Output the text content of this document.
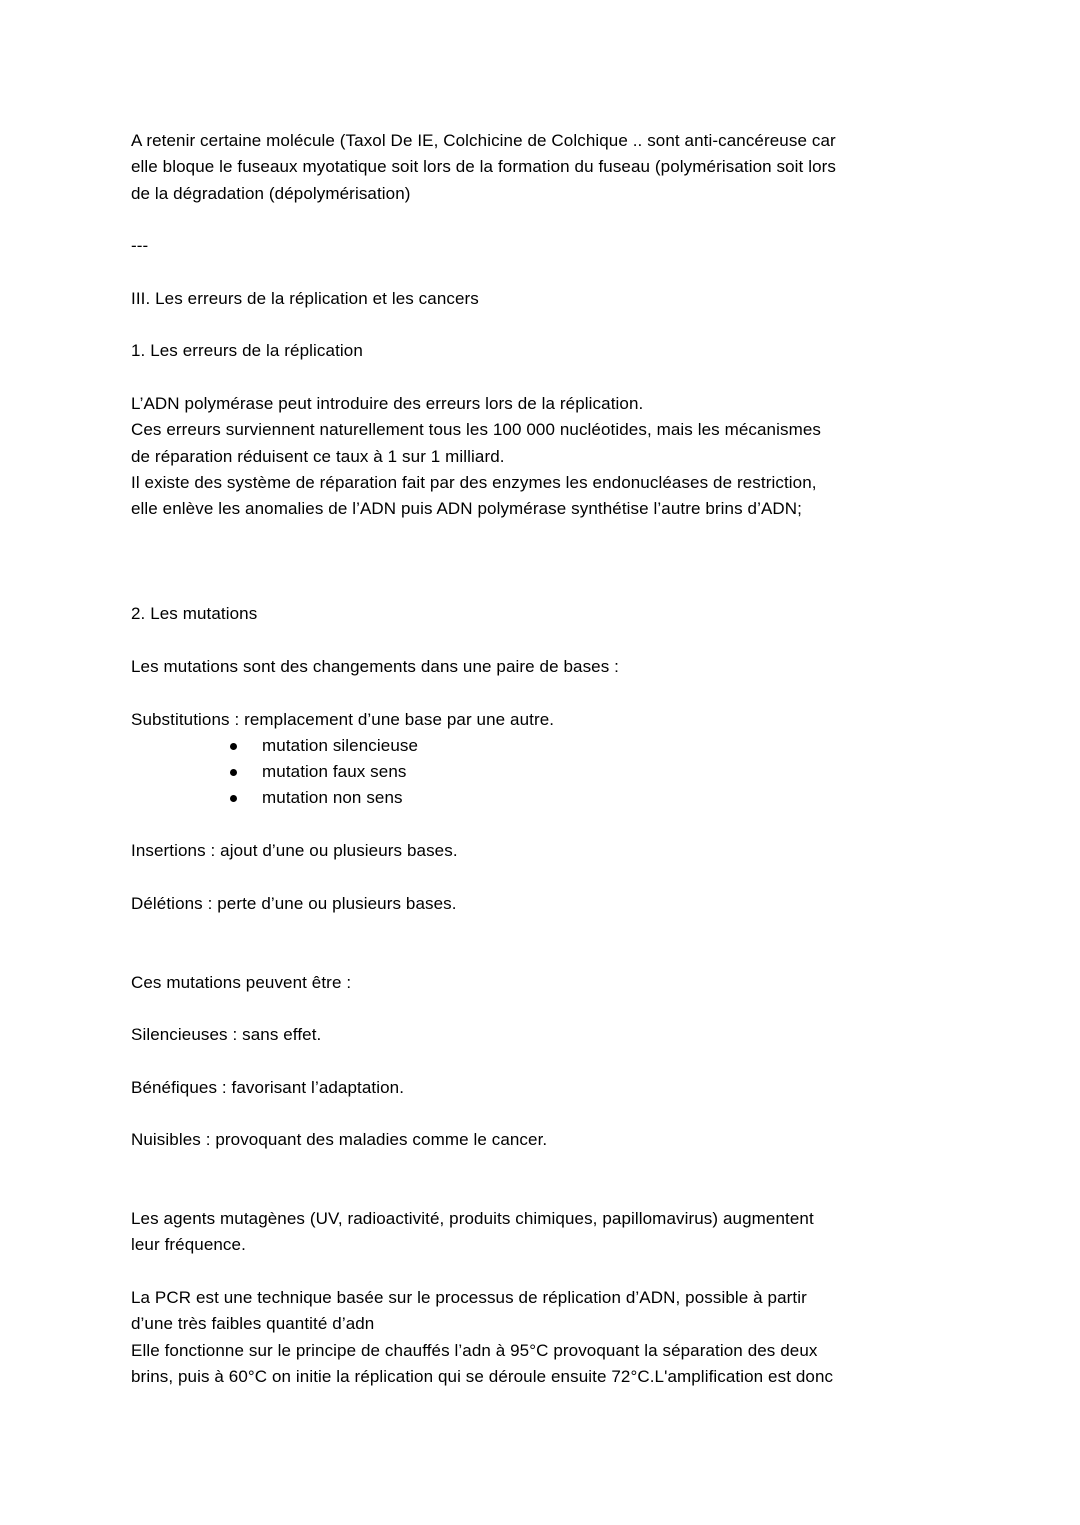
A retenir certaine molécule (Taxol De IE, Colchicine de Colchique .. sont anti-cancéreuse car
elle bloque le fuseaux myotatique soit lors de la formation du fuseau (polymérisation soit lors
de la dégradation (dépolymérisation)
---
III. Les erreurs de la réplication et les cancers
1. Les erreurs de la réplication
L’ADN polymérase peut introduire des erreurs lors de la réplication.
Ces erreurs surviennent naturellement tous les 100 000 nucléotides, mais les mécanismes
de réparation réduisent ce taux à 1 sur 1 milliard.
Il existe des système de réparation fait par des enzymes les endonucléases de restriction,
elle enlève les anomalies de l’ADN puis ADN polymérase synthétise l’autre brins d’ADN;
2. Les mutations
Les mutations sont des changements dans une paire de bases :
Substitutions : remplacement d’une base par une autre.
mutation silencieuse
mutation faux sens
mutation non sens
Insertions : ajout d’une ou plusieurs bases.
Délétions : perte d’une ou plusieurs bases.
Ces mutations peuvent être :
Silencieuses : sans effet.
Bénéfiques : favorisant l’adaptation.
Nuisibles : provoquant des maladies comme le cancer.
Les agents mutagènes (UV, radioactivité, produits chimiques, papillomavirus) augmentent
leur fréquence.
La PCR est une technique basée sur le processus de réplication d’ADN, possible à partir
d’une très faibles quantité d’adn
Elle fonctionne sur le principe de chauffés l’adn à 95°C provoquant la séparation des deux
brins, puis à 60°C on initie la réplication qui se déroule ensuite 72°C.L'amplification est donc
